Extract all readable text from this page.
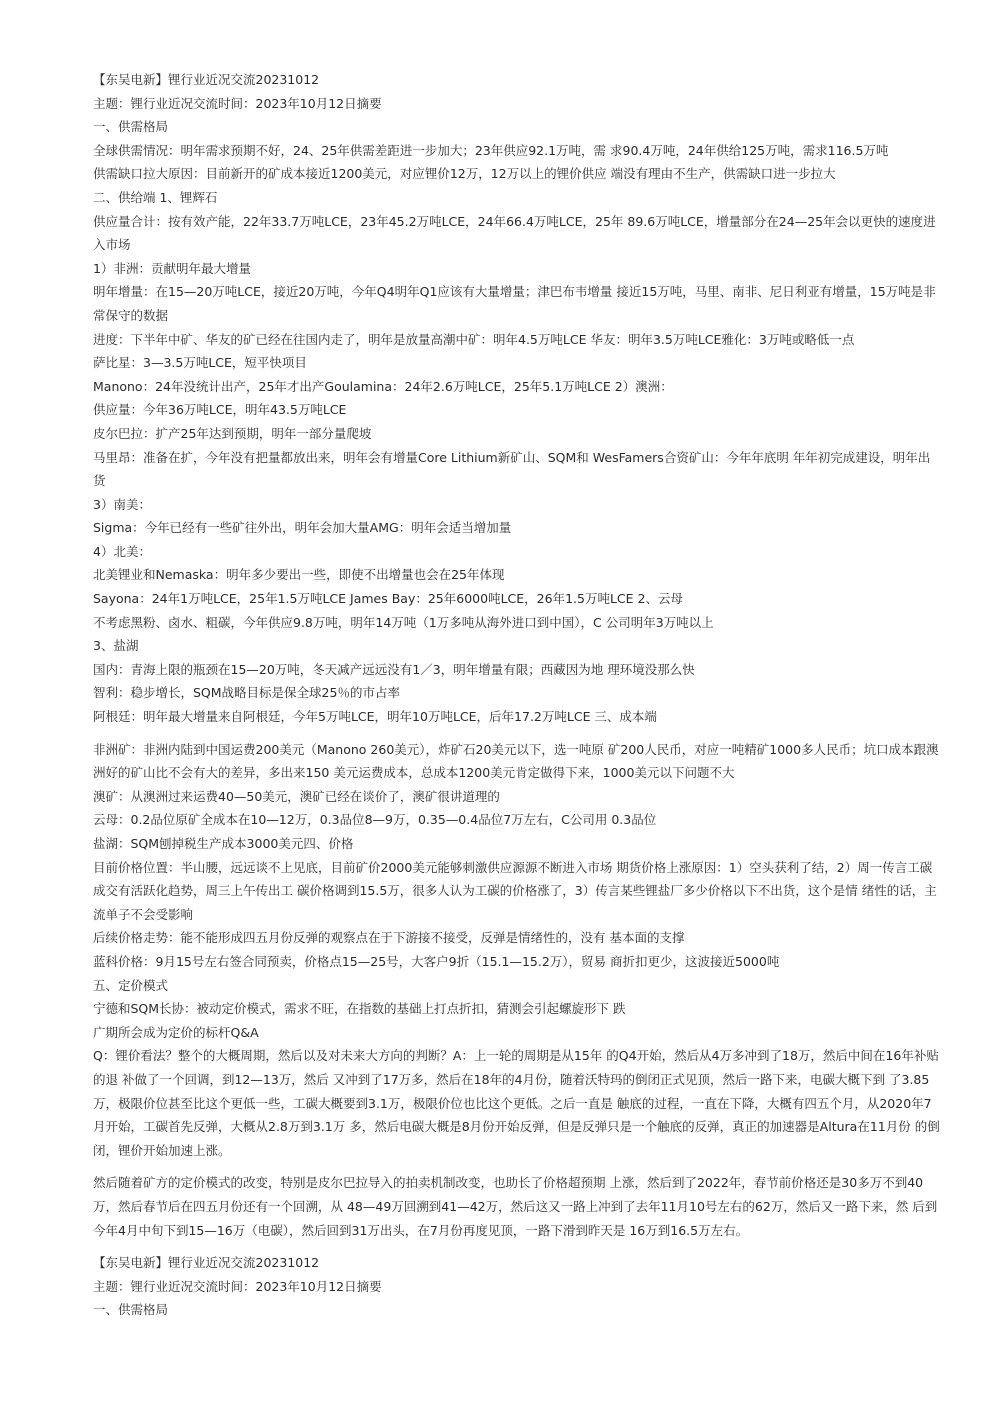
【东吴电新】锂行业近况交流20231012

主题：锂行业近况交流时间：2023年10月12日摘要

一、供需格局

全球供需情况：明年需求预期不好，24、25年供需差距进一步加大；23年供应92.1万吨，需 求90.4万吨，24年供给125万吨，需求116.5万吨

供需缺口拉大原因：目前新开的矿成本接近1200美元，对应锂价12万，12万以上的锂价供应 端没有理由不生产，供需缺口进一步拉大

二、供给端 1、锂辉石

供应量合计：按有效产能，22年33.7万吨LCE，23年45.2万吨LCE，24年66.4万吨LCE，25年 89.6万吨LCE，增量部分在24—25年会以更快的速度进入市场

1）非洲：贡献明年最大增量

明年增量：在15—20万吨LCE，接近20万吨，今年Q4明年Q1应该有大量增量；津巴布韦增量 接近15万吨，马里、南非、尼日利亚有增量，15万吨是非常保守的数据

进度：下半年中矿、华友的矿已经在往国内走了，明年是放量高潮中矿：明年4.5万吨LCE 华友：明年3.5万吨LCE雅化：3万吨或略低一点

萨比星：3—3.5万吨LCE，短平快项目

Manono：24年没统计出产，25年才出产Goulamina：24年2.6万吨LCE，25年5.1万吨LCE 2）澳洲：

供应量：今年36万吨LCE，明年43.5万吨LCE

皮尔巴拉：扩产25年达到预期，明年一部分量爬坡

马里昂：准备在扩，今年没有把量都放出来，明年会有增量Core Lithium新矿山、SQM和 WesFamers合资矿山：今年年底明 年年初完成建设，明年出货

3）南美：

Sigma：今年已经有一些矿往外出，明年会加大量AMG：明年会适当增加量

4）北美：

北美锂业和Nemaska：明年多少要出一些，即使不出增量也会在25年体现

Sayona：24年1万吨LCE，25年1.5万吨LCE James Bay：25年6000吨LCE，26年1.5万吨LCE 2、云母

不考虑黑粉、卤水、粗碳，今年供应9.8万吨，明年14万吨（1万多吨从海外进口到中国），C 公司明年3万吨以上

3、盐湖

国内：青海上限的瓶颈在15—20万吨，冬天减产远远没有1／3，明年增量有限；西藏因为地 理环境没那么快

智利：稳步增长，SQM战略目标是保全球25％的市占率

阿根廷：明年最大增量来自阿根廷，今年5万吨LCE，明年10万吨LCE，后年17.2万吨LCE 三、成本端

非洲矿：非洲内陆到中国运费200美元（Manono 260美元），炸矿石20美元以下，选一吨原 矿200人民币，对应一吨精矿1000多人民币；坑口成本跟澳洲好的矿山比不会有大的差异，多出来150 美元运费成本，总成本1200美元肯定做得下来，1000美元以下问题不大

澳矿：从澳洲过来运费40—50美元，澳矿已经在谈价了，澳矿很讲道理的

云母：0.2品位原矿全成本在10—12万，0.3品位8—9万，0.35—0.4品位7万左右，C公司用 0.3品位

盐湖：SQM刨掉税生产成本3000美元四、价格

目前价格位置：半山腰，远远谈不上见底，目前矿价2000美元能够刺激供应源源不断进入市场 期货价格上涨原因：1）空头获利了结，2）周一传言工碳成交有活跃化趋势，周三上午传出工 碳价格调到15.5万，很多人认为工碳的价格涨了，3）传言某些锂盐厂多少价格以下不出货，这个是情 绪性的话，主流单子不会受影响

后续价格走势：能不能形成四五月份反弹的观察点在于下游接不接受，反弹是情绪性的，没有 基本面的支撑

蓝科价格：9月15号左右签合同预卖，价格点15—25号，大客户9折（15.1—15.2万），贸易 商折扣更少，这波接近5000吨

五、定价模式

宁德和SQM长协：被动定价模式，需求不旺，在指数的基础上打点折扣，猜测会引起螺旋形下 跌

广期所会成为定价的标杆Q&A

Q：锂价看法？整个的大概周期，然后以及对未来大方向的判断？A：上一轮的周期是从15年 的Q4开始，然后从4万多冲到了18万，然后中间在16年补贴的退 补做了一个回调，到12—13万，然后 又冲到了17万多，然后在18年的4月份，随着沃特玛的倒闭正式见顶，然后一路下来，电碳大概下到 了3.85万，极限价位甚至比这个更低一些，工碳大概要到3.1万，极限价位也比这个更低。之后一直是 触底的过程，一直在下降，大概有四五个月，从2020年7月开始，工碳首先反弹，大概从2.8万到3.1万 多，然后电碳大概是8月份开始反弹，但是反弹只是一个触底的反弹，真正的加速器是Altura在11月份 的倒闭，锂价开始加速上涨。

然后随着矿方的定价模式的改变，特别是皮尔巴拉导入的拍卖机制改变，也助长了价格超预期 上涨，然后到了2022年，春节前价格还是30多万不到40万，然后春节后在四五月份还有一个回溯，从 48—49万回溯到41—42万，然后这又一路上冲到了去年11月10号左右的62万，然后又一路下来，然 后到今年4月中旬下到15—16万（电碳），然后回到31万出头，在7月份再度见顶，一路下滑到昨天是 16万到16.5万左右。

【东吴电新】锂行业近况交流20231012

主题：锂行业近况交流时间：2023年10月12日摘要

一、供需格局
